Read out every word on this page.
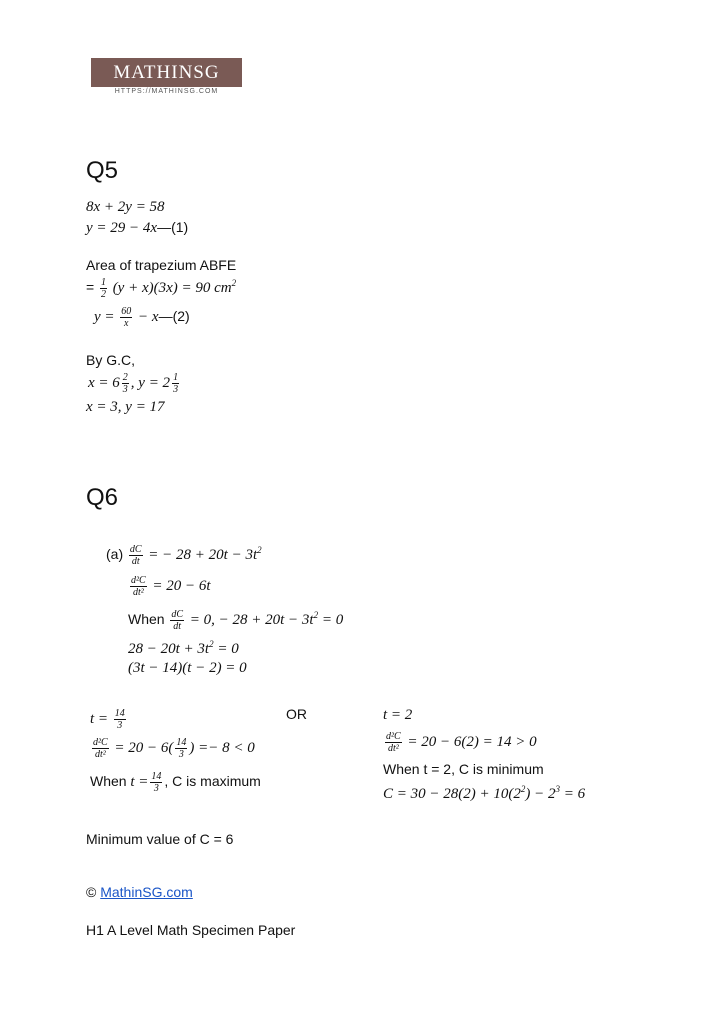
MATHINSG
HTTPS://MATHINSG.COM
Q5
8x + 2y = 58
y = 29 − 4x—(1)
Area of trapezium ABFE
= $\frac{1}{2} (y + x)(3x) = 90$ $cm^2$
$y = \frac{60}{x}$ − x—(2)
By G.C,
$x = 6 \frac{2}{3}$ , $y = 2 \frac{1}{3}$
x = 3, y = 17
Q6
$(a) \frac{dC}{dt}$ = − $28 + 20t - 3t^2$
$\frac{\text{d²C}}{\text{dt²}} = 20 - 6t$
When $\frac{dC}{dt} = 0$, − $28 + 20t - 3t^2 = 0$
$28 - 20t + 3t^2 = 0$
(3t − 14)(t − 2) = 0
$t = \frac{14}{3}$
$\frac{\text{d²C}}{\text{dt²}} = 20 - 6( \frac{14}{3}$ ) =− 8 < 0
When $t = \frac{14}{3}$ , C is maximum
OR	t = 2
$\frac{\text{d²C}}{\text{dt²}} = 20 - 6(2) = 14 > 0$
When t = 2, C is minimum
$C = 30 - 28(2) + 10(2^2) - 2^3 = 6$
Minimum value of C = 6
© MathinSG.com
H1 A Level Math Specimen Paper
